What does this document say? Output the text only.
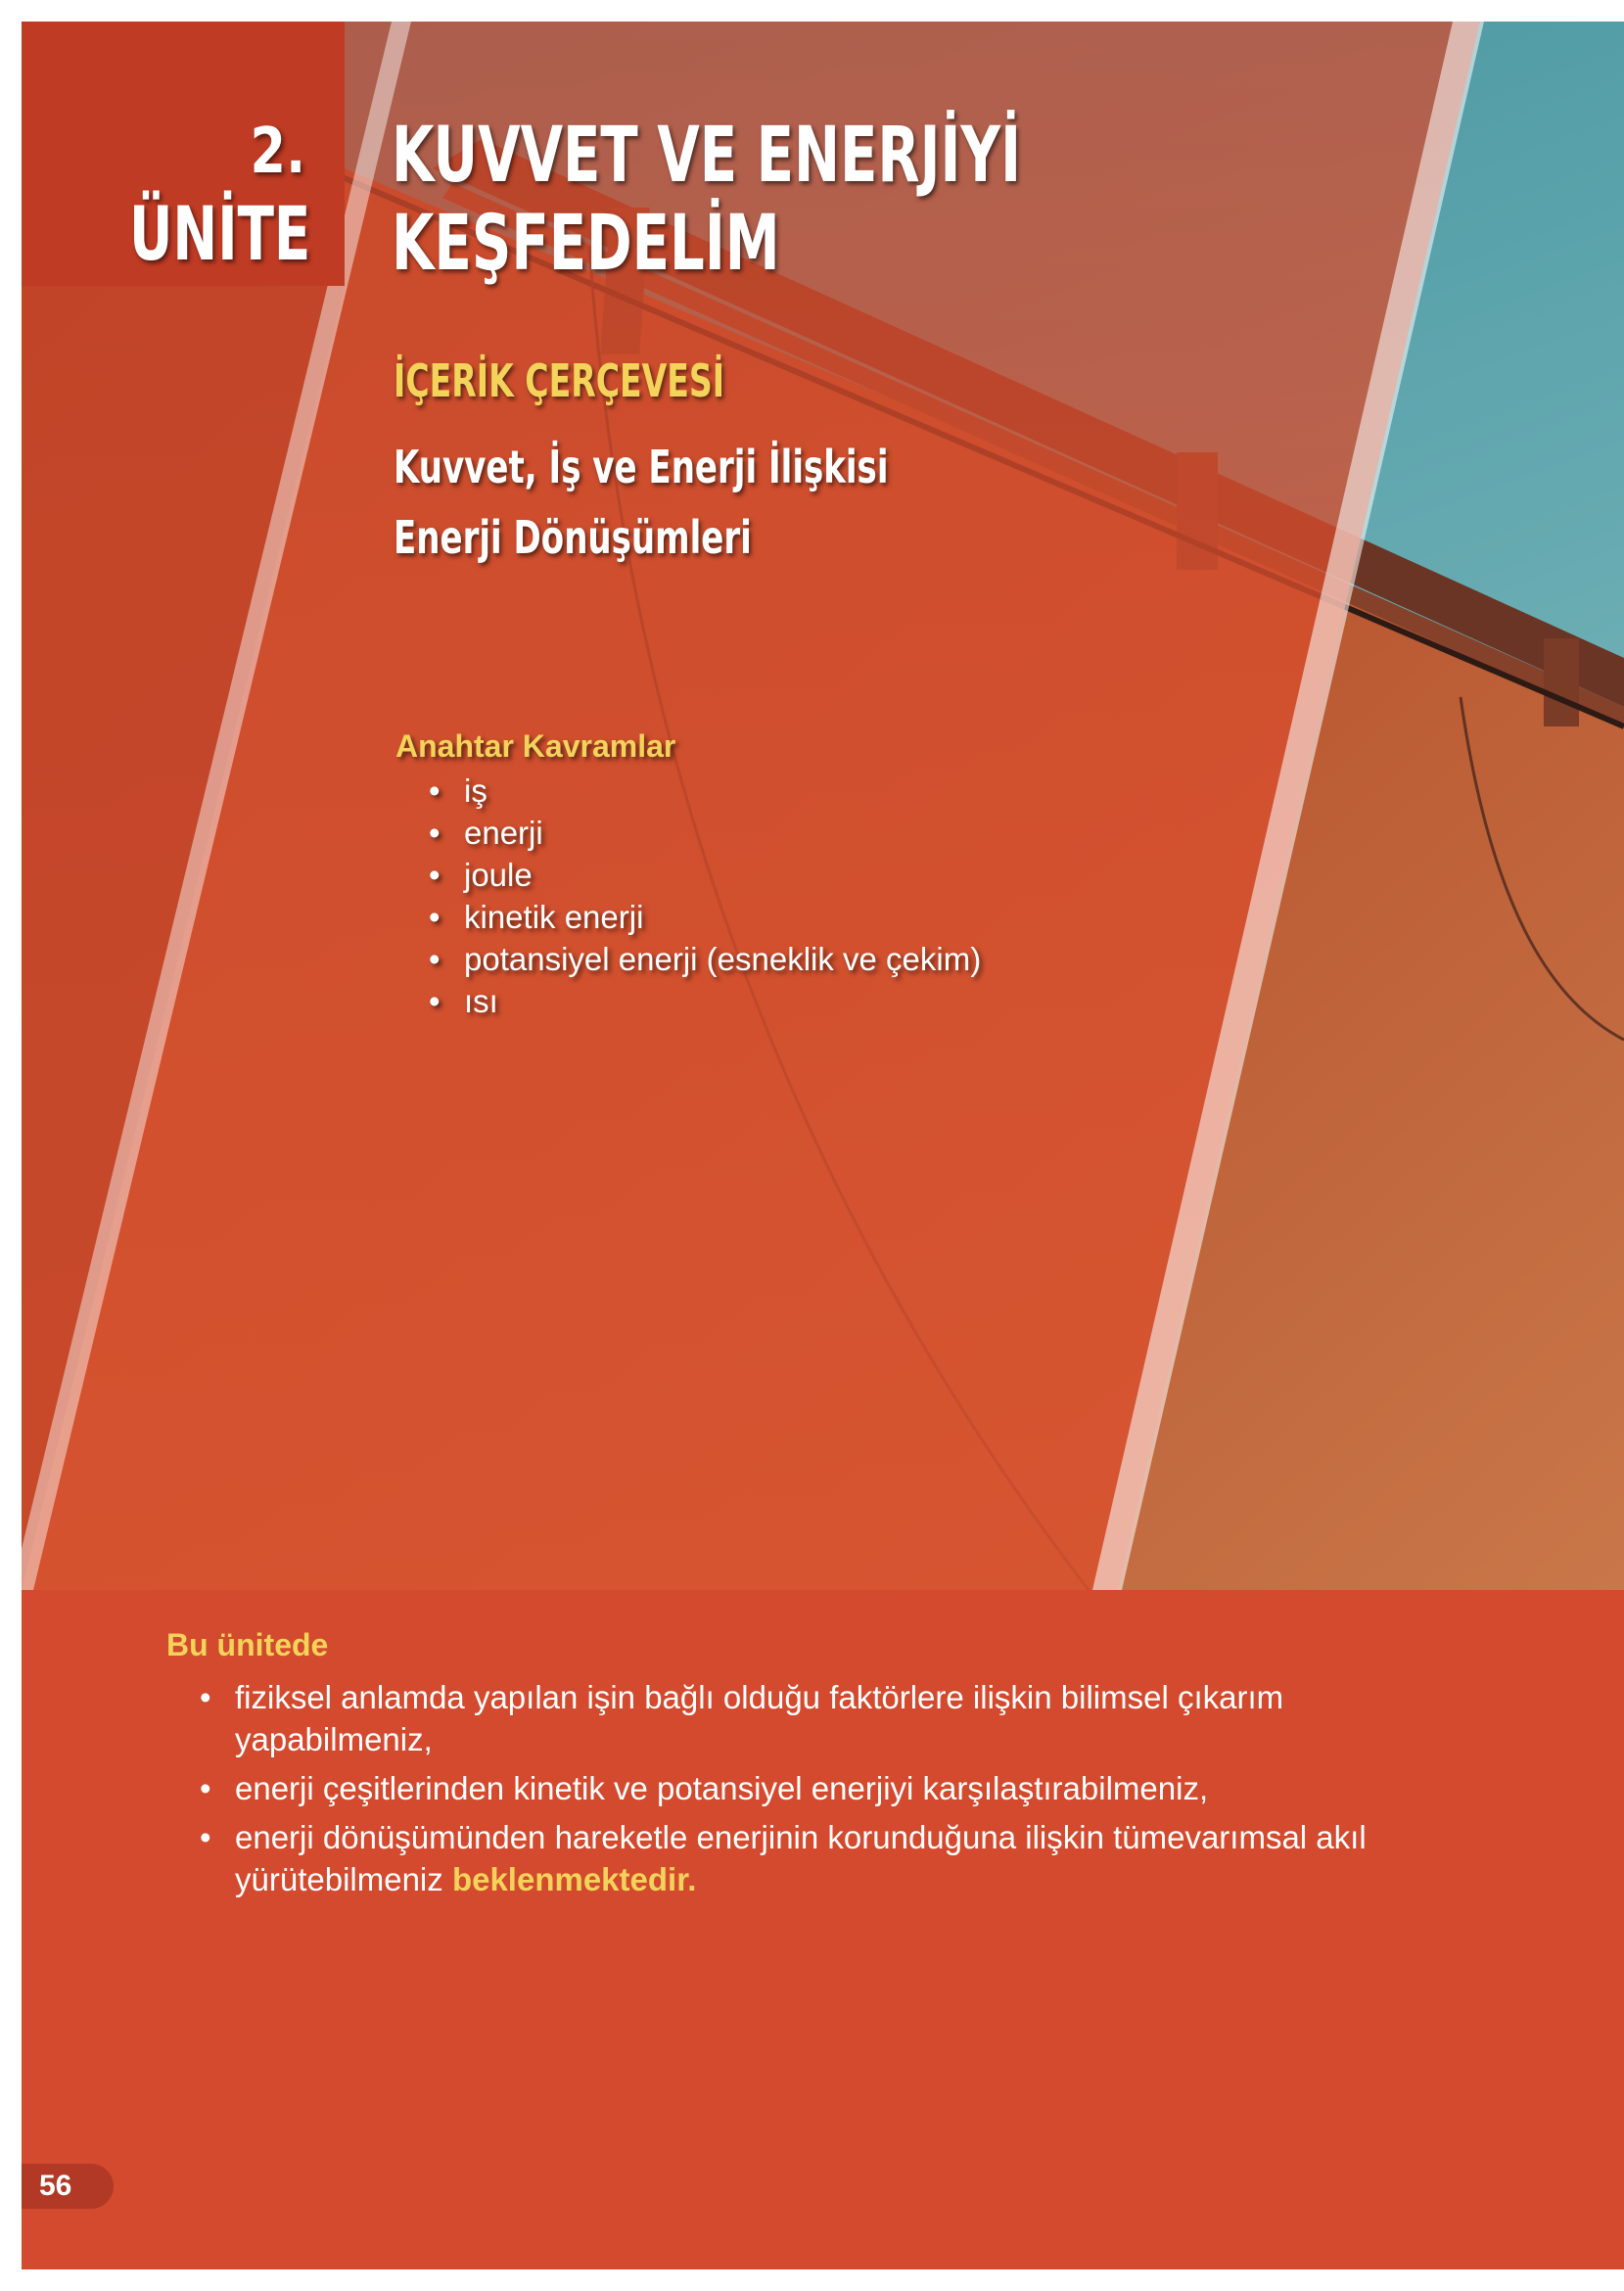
2.
ÜNİTE
KUVVET VE ENERJİYİ
KEŞFEDELİM
İÇERİK ÇERÇEVESİ
Kuvvet, İş ve Enerji İlişkisi
Enerji Dönüşümleri
Anahtar Kavramlar
• iş
• enerji
• joule
• kinetik enerji
• potansiyel enerji (esneklik ve çekim)
• ısı
Bu ünitede
• fiziksel anlamda yapılan işin bağlı olduğu faktörlere ilişkin bilimsel çıkarım yapabilmeniz,
• enerji çeşitlerinden kinetik ve potansiyel enerjiyi karşılaştırabilmeniz,
• enerji dönüşümünden hareketle enerjinin korunduğuna ilişkin tümevarımsal akıl yürütebilmeniz beklenmektedir.
56
